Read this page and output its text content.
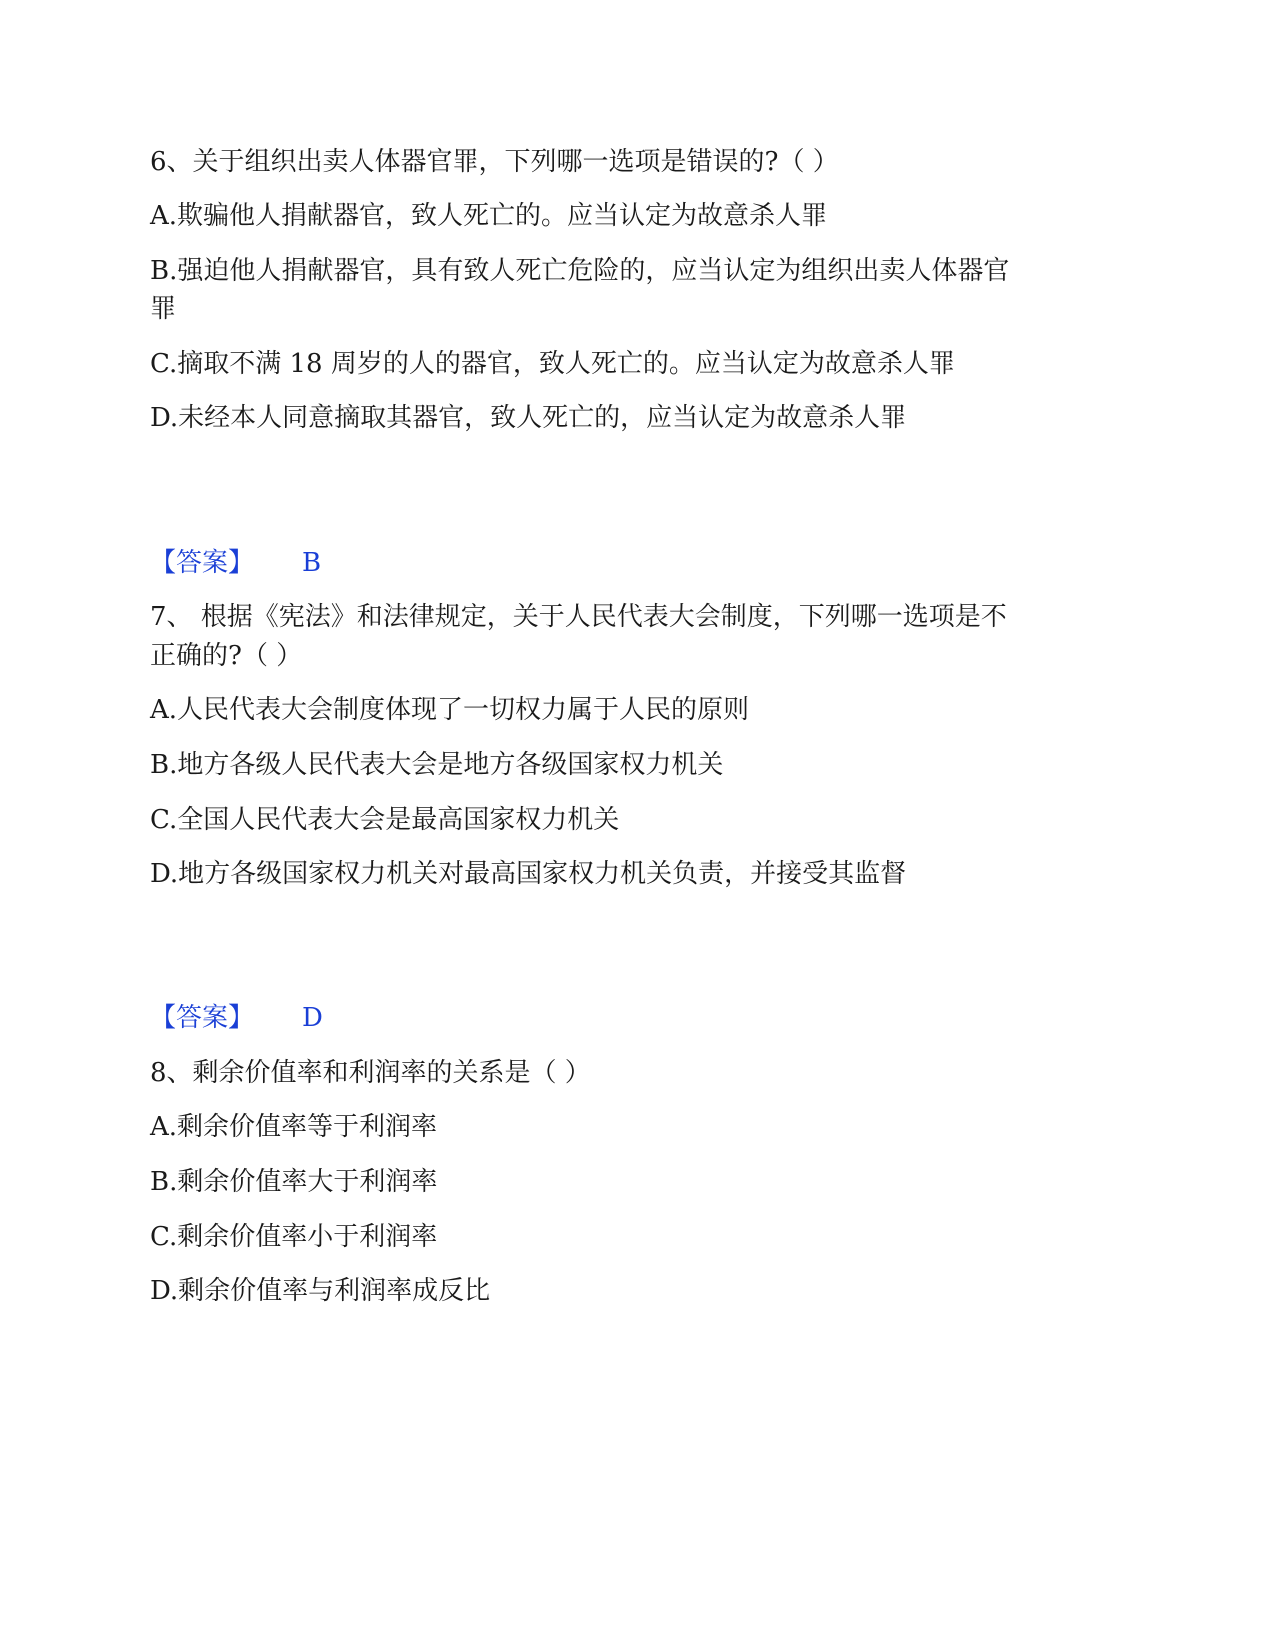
6、关于组织出卖人体器官罪，下列哪一选项是错误的?（ ）
A.欺骗他人捐献器官，致人死亡的。应当认定为故意杀人罪
B.强迫他人捐献器官，具有致人死亡危险的，应当认定为组织出卖人体器官
罪
C.摘取不满 18 周岁的人的器官，致人死亡的。应当认定为故意杀人罪
D.未经本人同意摘取其器官，致人死亡的，应当认定为故意杀人罪
【答案】 B
7、 根据《宪法》和法律规定，关于人民代表大会制度，下列哪一选项是不
正确的?（ ）
A.人民代表大会制度体现了一切权力属于人民的原则
B.地方各级人民代表大会是地方各级国家权力机关
C.全国人民代表大会是最高国家权力机关
D.地方各级国家权力机关对最高国家权力机关负责，并接受其监督
【答案】 D
8、剩余价值率和利润率的关系是（ ）
A.剩余价值率等于利润率
B.剩余价值率大于利润率
C.剩余价值率小于利润率
D.剩余价值率与利润率成反比
